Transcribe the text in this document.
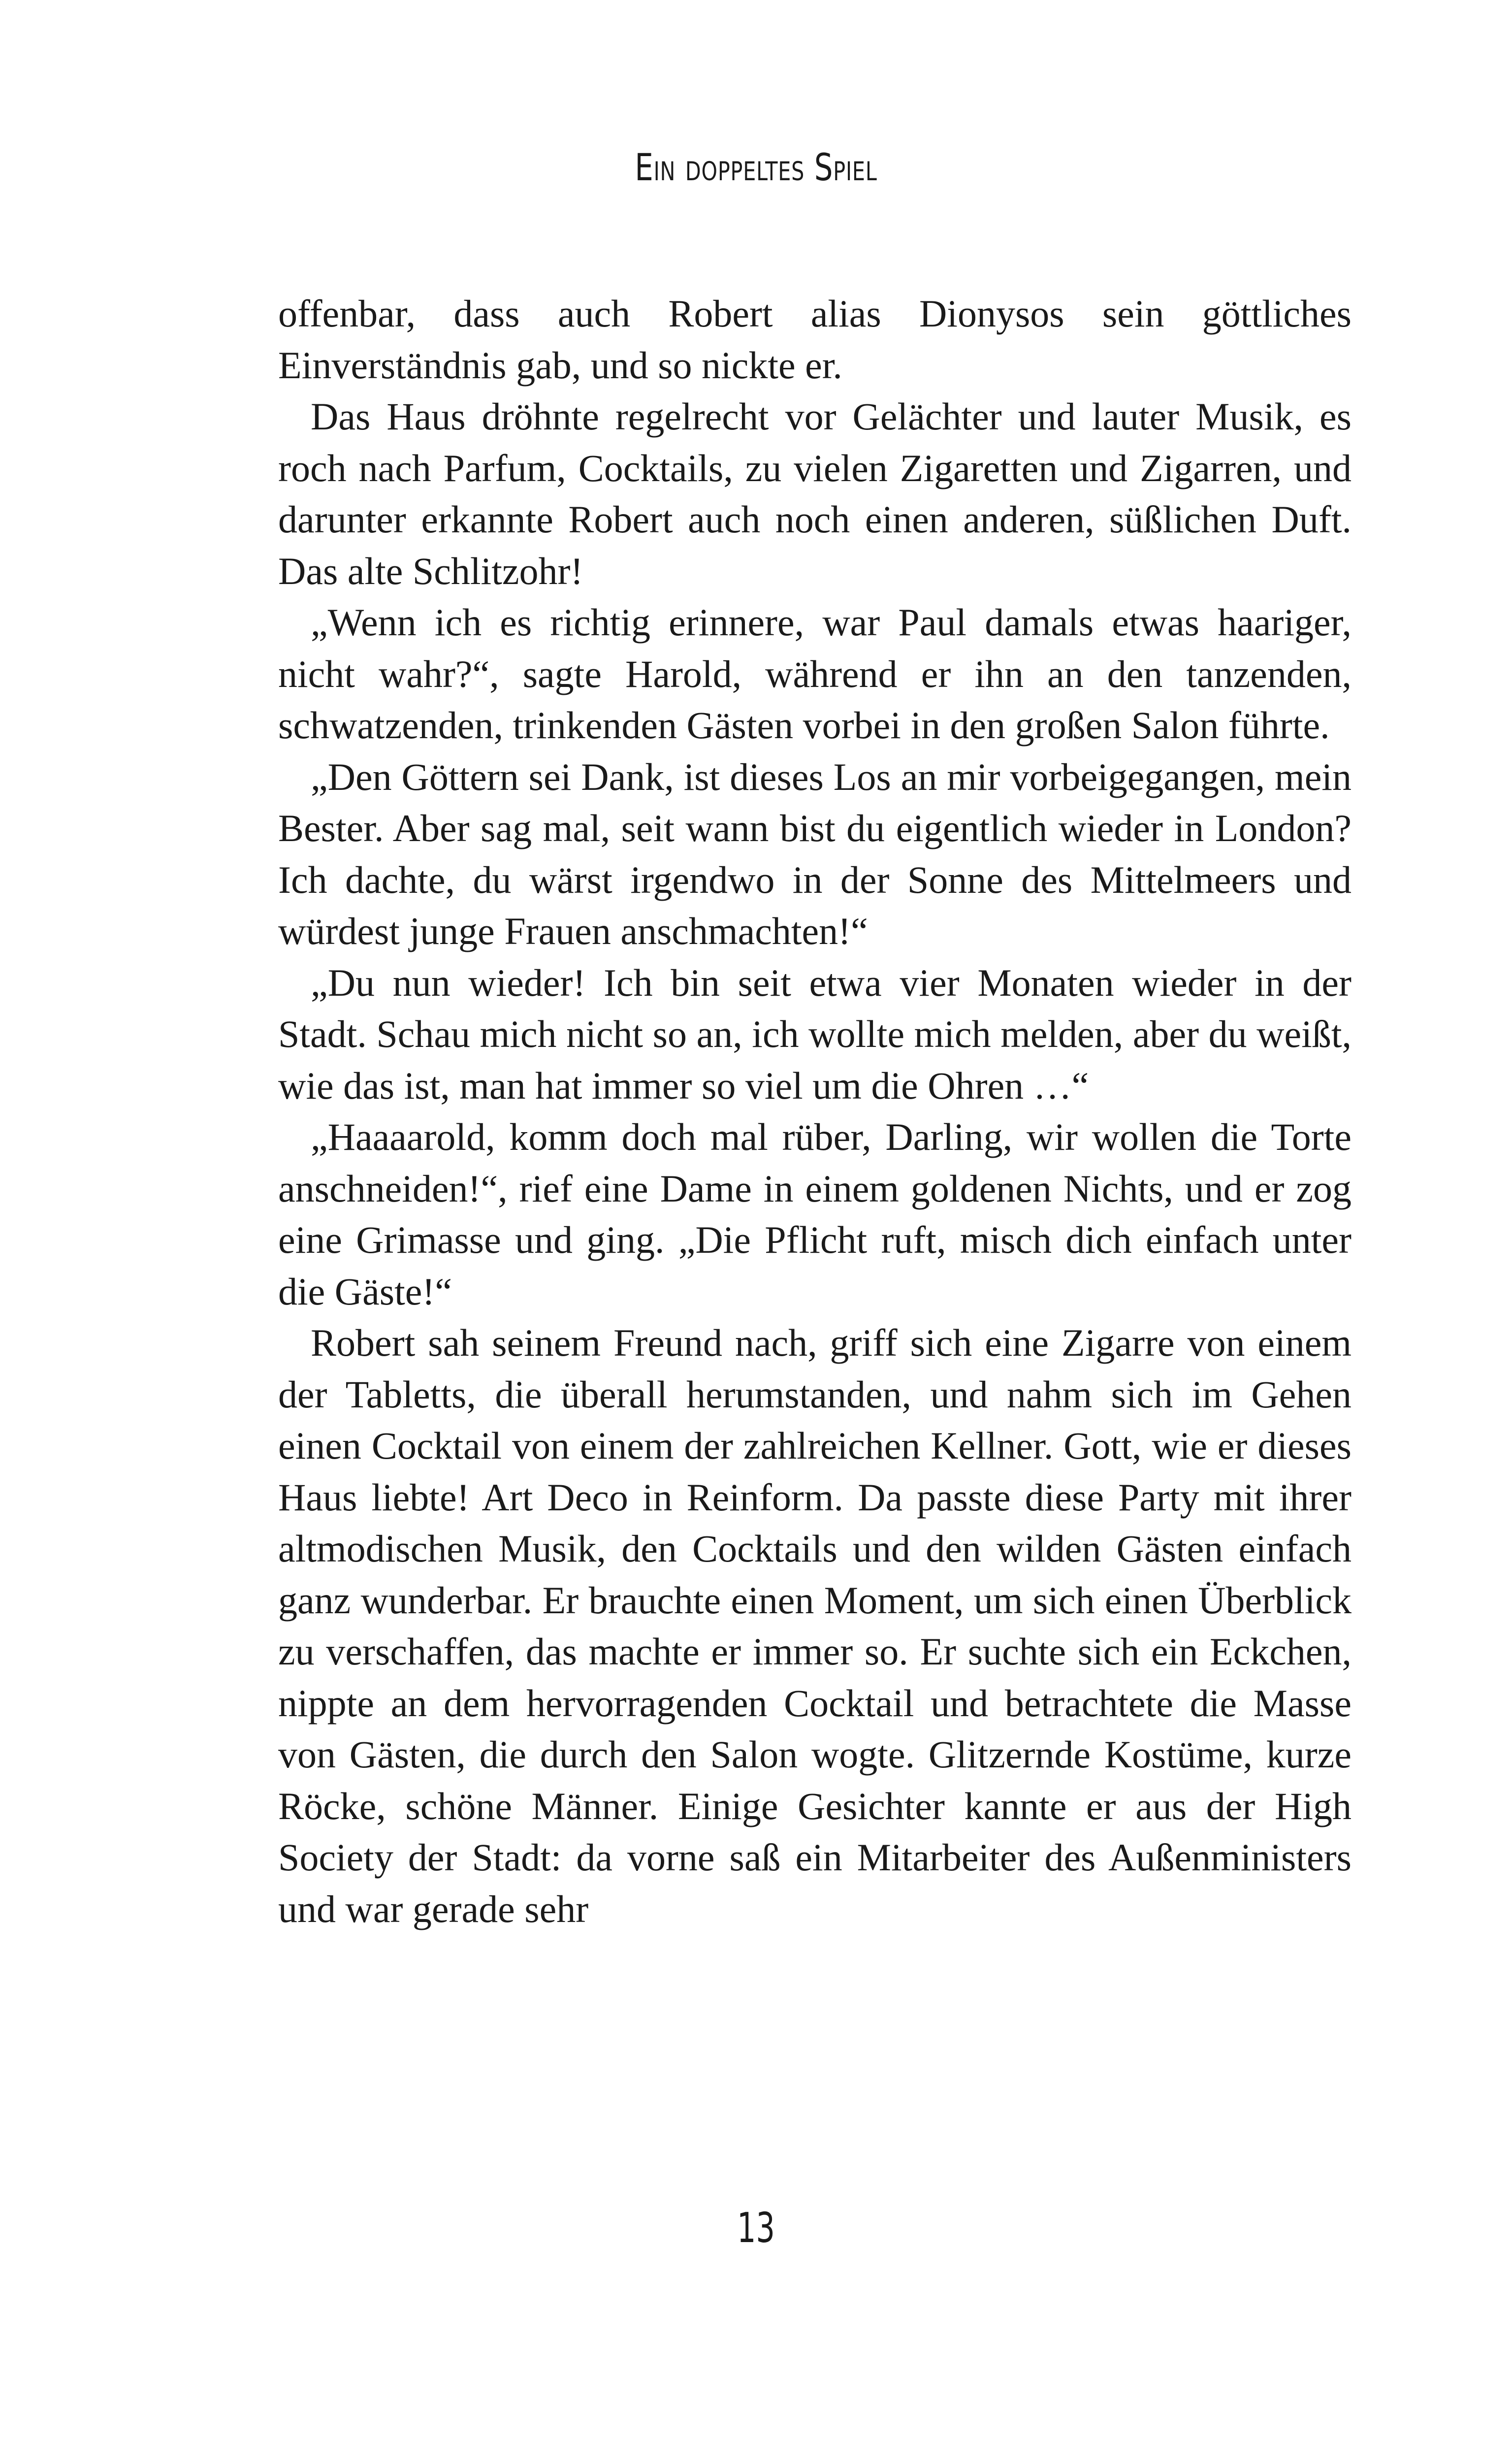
Ein doppeltes Spiel

offenbar, dass auch Robert alias Dionysos sein göttliches Einverständnis gab, und so nickte er.

Das Haus dröhnte regelrecht vor Gelächter und lauter Musik, es roch nach Parfum, Cocktails, zu vielen Zigaretten und Zigarren, und darunter erkannte Robert auch noch einen anderen, süßlichen Duft. Das alte Schlitzohr!

„Wenn ich es richtig erinnere, war Paul damals etwas haariger, nicht wahr?“, sagte Harold, während er ihn an den tanzenden, schwatzenden, trinkenden Gästen vorbei in den großen Salon führte.

„Den Göttern sei Dank, ist dieses Los an mir vorbeigegangen, mein Bester. Aber sag mal, seit wann bist du eigentlich wieder in London? Ich dachte, du wärst irgendwo in der Sonne des Mittelmeers und würdest junge Frauen anschmachten!“

„Du nun wieder! Ich bin seit etwa vier Monaten wieder in der Stadt. Schau mich nicht so an, ich wollte mich melden, aber du weißt, wie das ist, man hat immer so viel um die Ohren …“

„Haaaarold, komm doch mal rüber, Darling, wir wollen die Torte anschneiden!“, rief eine Dame in einem goldenen Nichts, und er zog eine Grimasse und ging. „Die Pflicht ruft, misch dich einfach unter die Gäste!“

Robert sah seinem Freund nach, griff sich eine Zigarre von einem der Tabletts, die überall herumstanden, und nahm sich im Gehen einen Cocktail von einem der zahlreichen Kellner. Gott, wie er dieses Haus liebte! Art Deco in Reinform. Da passte diese Party mit ihrer altmodischen Musik, den Cocktails und den wilden Gästen einfach ganz wunderbar. Er brauchte einen Moment, um sich einen Überblick zu verschaffen, das machte er immer so. Er suchte sich ein Eckchen, nippte an dem hervorragenden Cocktail und betrachtete die Masse von Gästen, die durch den Salon wogte. Glitzernde Kostüme, kurze Röcke, schöne Männer. Einige Gesichter kannte er aus der High Society der Stadt: da vorne saß ein Mitarbeiter des Außenministers und war gerade sehr

13
